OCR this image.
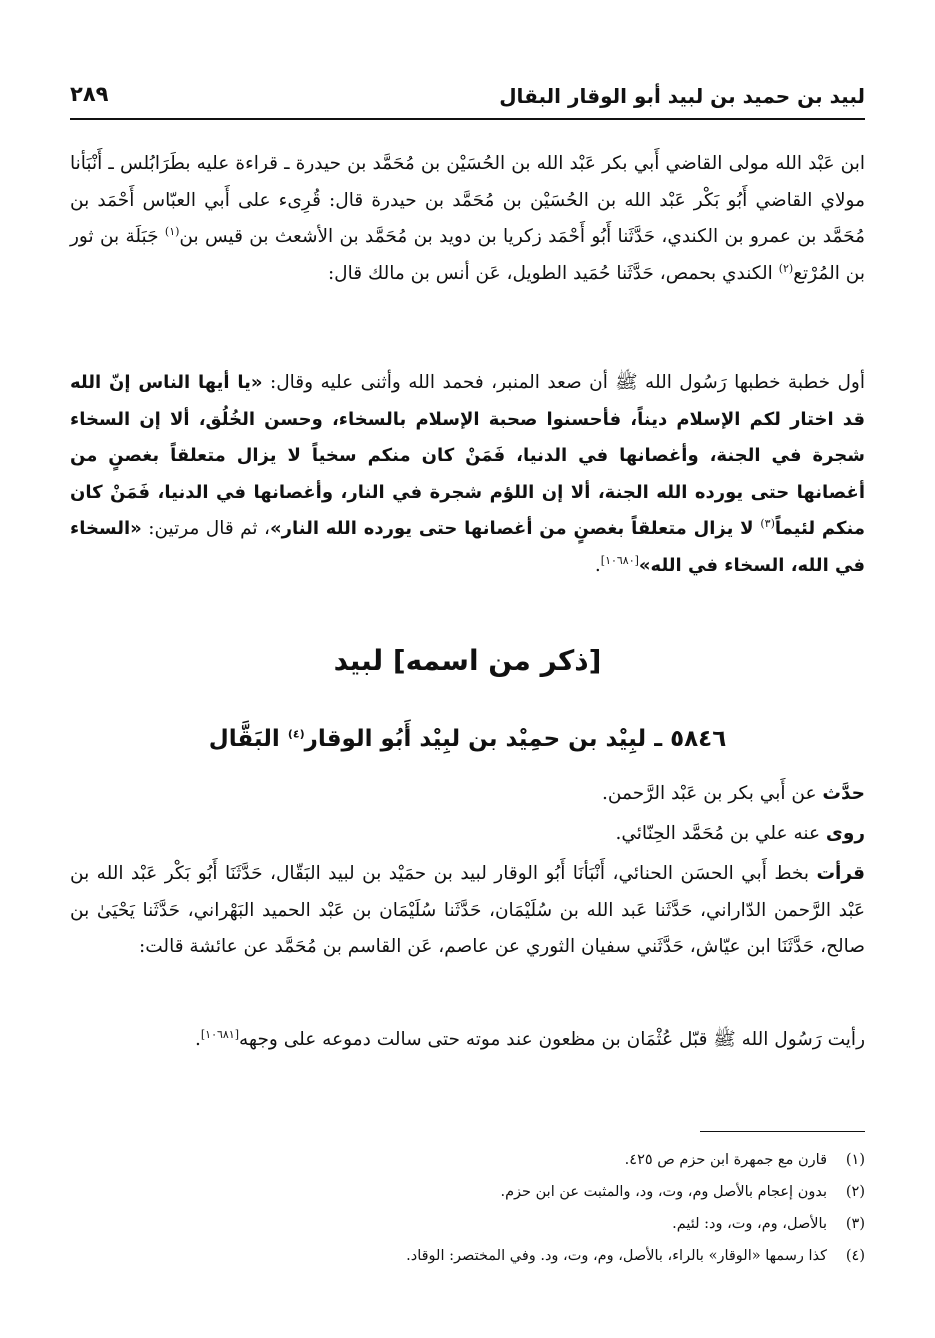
لبيد بن حميد بن لبيد أبو الوقار البقال
٢٨٩
ابن عَبْد الله مولى القاضي أَبي بكر عَبْد الله بن الحُسَيْن بن مُحَمَّد بن حيدرة ـ قراءة عليه بطَرَابُلس ـ أَنْبَأنا مولاي القاضي أَبُو بَكْر عَبْد الله بن الحُسَيْن بن مُحَمَّد بن حيدرة قال: قُرِىء على أَبي العبّاس أَحْمَد بن مُحَمَّد بن عمرو بن الكندي، حَدَّثَنا أَبُو أَحْمَد زكريا بن دويد بن مُحَمَّد بن الأشعث بن قيس بن$^{(١)}$ جَبَلَة بن ثور بن المُرْتع$^{(٢)}$ الكندي بحمص، حَدَّثَنا حُمَيد الطويل، عَن أنس بن مالك قال:
أول خطبة خطبها رَسُول الله ﷺ أن صعد المنبر، فحمد الله وأثنى عليه وقال: «يا أيها الناس إنّ الله قد اختار لكم الإسلام ديناً، فأحسنوا صحبة الإسلام بالسخاء، وحسن الخُلُق، ألا إن السخاء شجرة في الجنة، وأغصانها في الدنيا، فَمَنْ كان منكم سخياً لا يزال متعلقاً بغصنٍ من أغصانها حتى يورده الله الجنة، ألا إن اللؤم شجرة في النار، وأغصانها في الدنيا، فَمَنْ كان منكم لئيماً$^{(٣)}$ لا يزال متعلقاً بغصنٍ من أغصانها حتى يورده الله النار»، ثم قال مرتين: «السخاء في الله، السخاء في الله»[١٠٦٨٠].
[ذكر من اسمه] لبيد
٥٨٤٦ ـ لبِيْد بن حمِيْد بن لبِيْد أَبُو الوقار$^{(٤)}$ البَقَّال
حدَّث عن أَبي بكر بن عَبْد الرَّحمن.
روى عنه علي بن مُحَمَّد الحِنّائي.
قرأت بخط أَبي الحسَن الحنائي، أَنْبَأنَا أَبُو الوقار لبيد بن حمَيْد بن لبيد البَقّال، حَدَّثَنَا أَبُو بَكْر عَبْد الله بن عَبْد الرَّحمن الدّاراني، حَدَّثَنا عَبد الله بن سُلَيْمَان، حَدَّثَنا سُلَيْمَان بن عَبْد الحميد البَهْراني، حَدَّثَنا يَحْيَىٰ بن صالح، حَدَّثَنَا ابن عيّاش، حَدَّثَني سفيان الثوري عن عاصم، عَن القاسم بن مُحَمَّد عن عائشة قالت:
رأيت رَسُول الله ﷺ قبّل عُثْمَان بن مظعون عند موته حتى سالت دموعه على وجهه[١٠٦٨١].
(١)قارن مع جمهرة ابن حزم ص ٤٢٥.
(٢)بدون إعجام بالأصل وم، وت، ود، والمثبت عن ابن حزم.
(٣)بالأصل، وم، وت، ود: لئيم.
(٤)كذا رسمها «الوقار» بالراء، بالأصل، وم، وت، ود. وفي المختصر: الوقاد.
